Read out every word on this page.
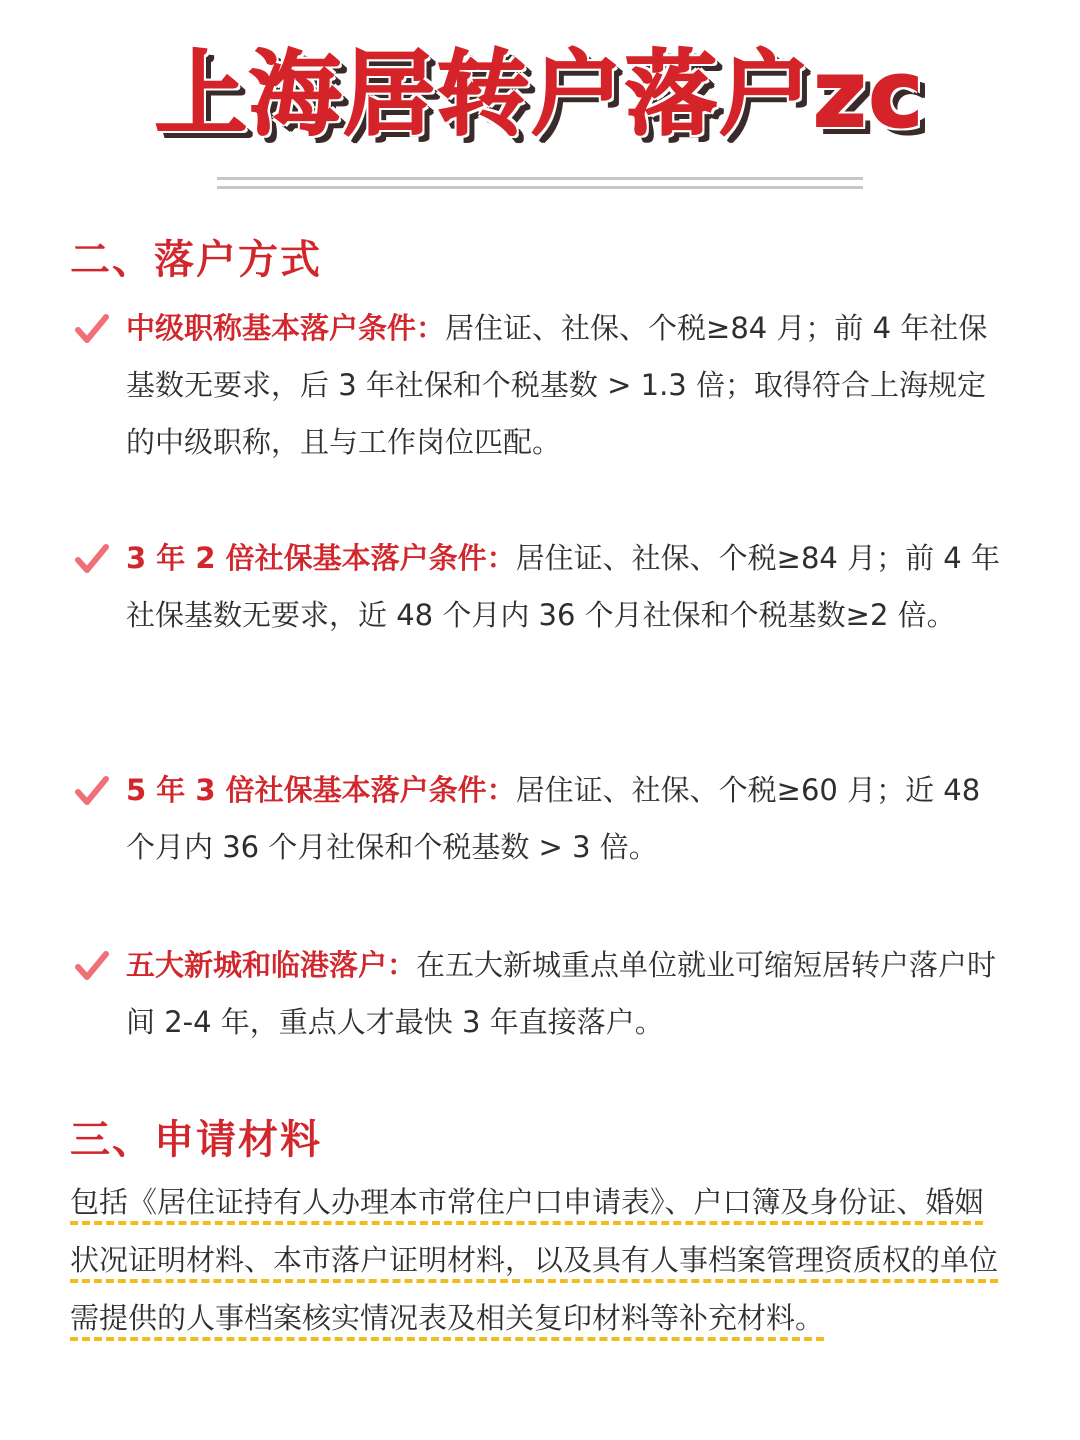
上海居转户落户zc
二、落户方式
中级职称基本落户条件：居住证、社保、个税≥84 月；前 4 年社保基数无要求，后 3 年社保和个税基数 > 1.3 倍；取得符合上海规定的中级职称，且与工作岗位匹配。
3 年 2 倍社保基本落户条件：居住证、社保、个税≥84 月；前 4 年社保基数无要求，近 48 个月内 36 个月社保和个税基数≥2 倍。
5 年 3 倍社保基本落户条件：居住证、社保、个税≥60 月；近 48 个月内 36 个月社保和个税基数 > 3 倍。
五大新城和临港落户：在五大新城重点单位就业可缩短居转户落户时间 2-4 年，重点人才最快 3 年直接落户。
三、申请材料
包括《居住证持有人办理本市常住户口申请表》、户口簿及身份证、婚姻状况证明材料、本市落户证明材料，以及具有人事档案管理资质权的单位需提供的人事档案核实情况表及相关复印材料等补充材料。
